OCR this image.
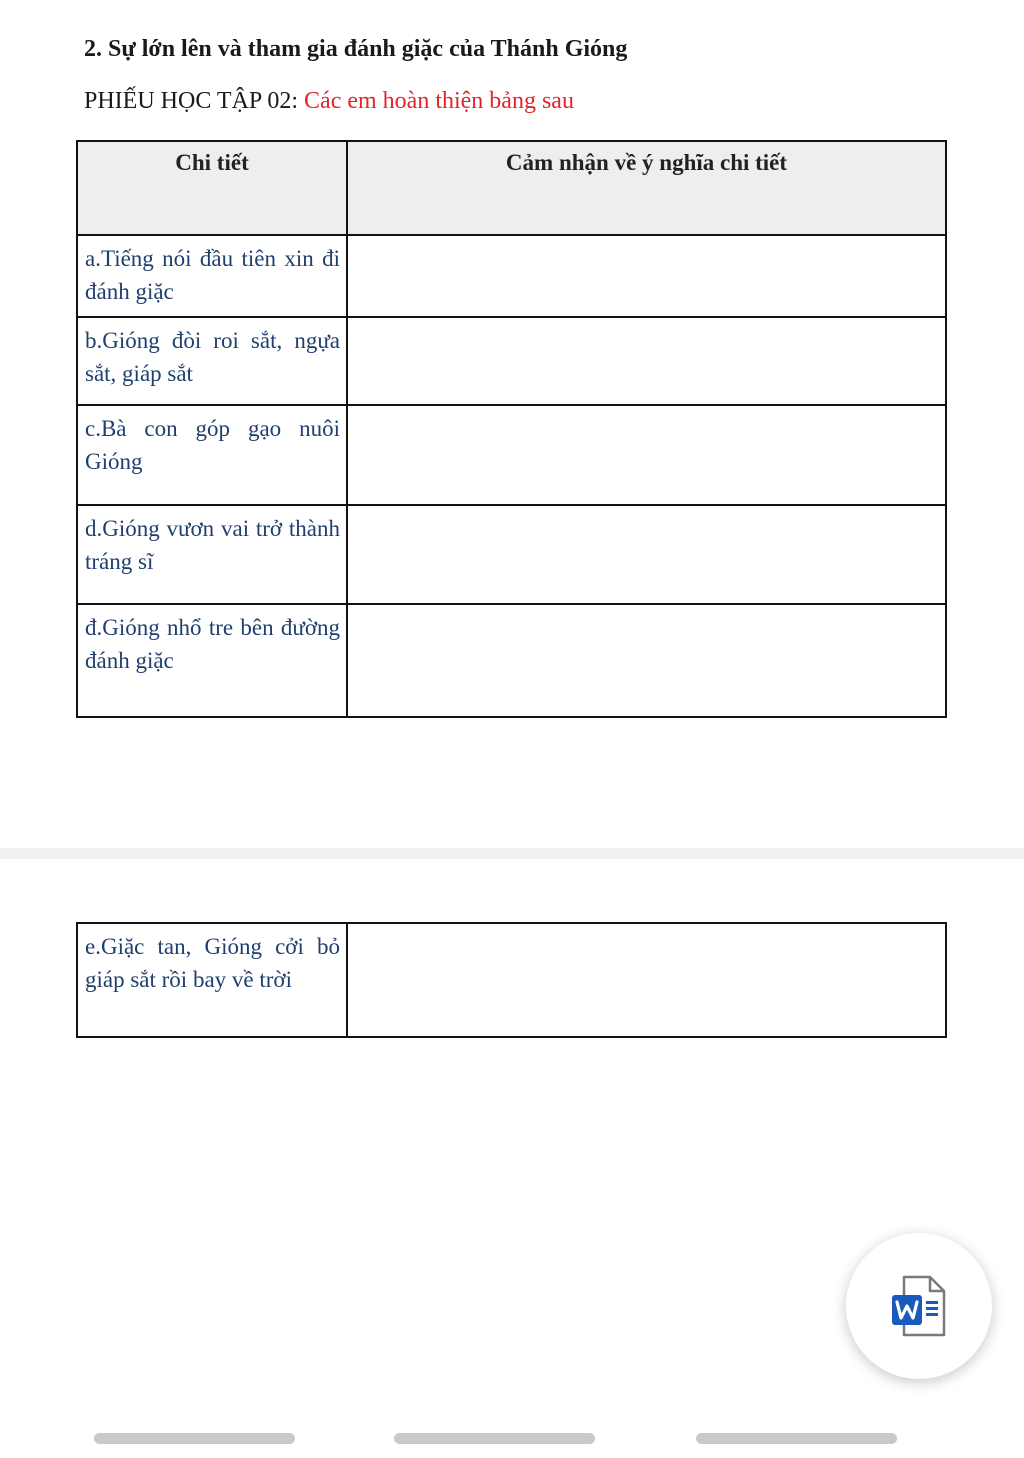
2. Sự lớn lên và tham gia đánh giặc của Thánh Gióng
PHIẾU HỌC TẬP 02: Các em hoàn thiện bảng sau
Chi tiết	Cảm nhận về ý nghĩa chi tiết

a.Tiếng nói đầu tiên xin đi đánh giặc	

b.Gióng đòi roi sắt, ngựa sắt, giáp sắt	

c.Bà con góp gạo nuôi Gióng	

d.Gióng vươn vai trở thành tráng sĩ	

đ.Gióng nhổ tre bên đường đánh giặc	

e.Giặc tan, Gióng cởi bỏ giáp sắt rồi bay về trời
